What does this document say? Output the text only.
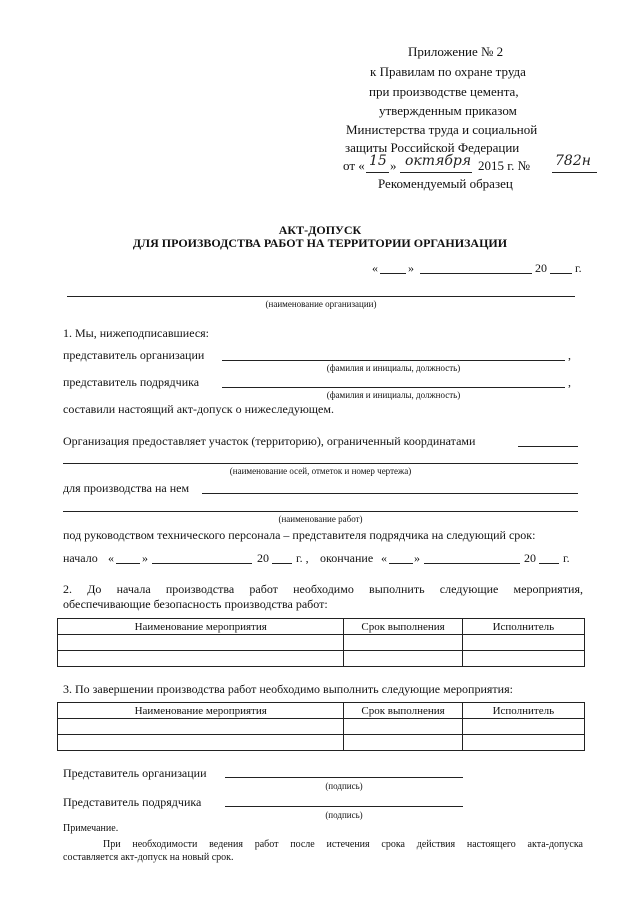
Приложение № 2
к Правилам по охране труда
при производстве цемента,
утвержденным приказом
Министерства труда и социальной
защиты Российской Федерации
от « 15 » октября 2015 г. № 782н
Рекомендуемый образец
АКТ-ДОПУСК
ДЛЯ ПРОИЗВОДСТВА РАБОТ НА ТЕРРИТОРИИ ОРГАНИЗАЦИИ
«	»	20 г.
(наименование организации)
1. Мы, нижеподписавшиеся:
представитель организации	,
(фамилия и инициалы, должность)
представитель подрядчика	,
(фамилия и инициалы, должность)
составили настоящий акт-допуск о нижеследующем.
Организация предоставляет участок (территорию), ограниченный координатами
(наименование осей, отметок и номер чертежа)
для производства на нем
(наименование работ)
под руководством технического персонала – представителя подрядчика на следующий срок:
начало « »	20 г. , окончание « »	20 г.
2. До начала производства работ необходимо выполнить следующие мероприятия,
обеспечивающие безопасность производства работ:
Наименование мероприятия	Срок выполнения	Исполнитель

3. По завершении производства работ необходимо выполнить следующие мероприятия:
Наименование мероприятия	Срок выполнения	Исполнитель

Представитель организации
(подпись)
Представитель подрядчика
(подпись)
Примечание.
При необходимости ведения работ после истечения срока действия настоящего акта-допуска
составляется акт-допуск на новый срок.
